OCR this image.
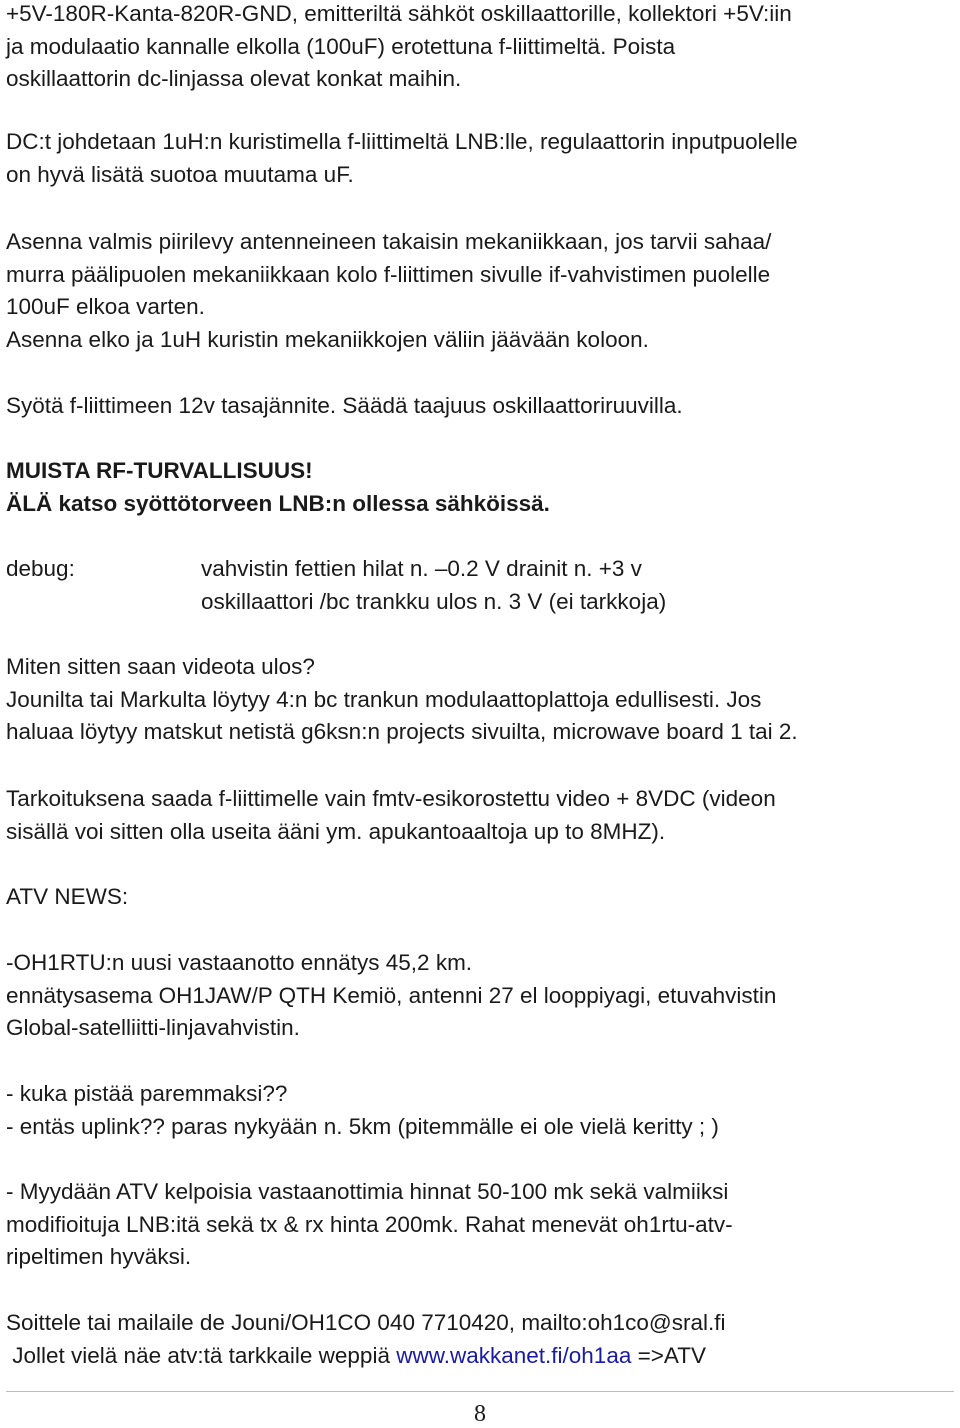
+5V-180R-Kanta-820R-GND, emitteriltä sähköt oskillaattorille, kollektori +5V:iin
ja modulaatio kannalle elkolla (100uF) erotettuna f-liittimeltä. Poista
oskillaattorin dc-linjassa olevat konkat maihin.
DC:t johdetaan 1uH:n kuristimella f-liittimeltä LNB:lle, regulaattorin inputpuolelle
on hyvä lisätä suotoa muutama uF.
Asenna valmis piirilevy antenneineen takaisin mekaniikkaan, jos tarvii sahaa/
murra päälipuolen mekaniikkaan kolo f-liittimen sivulle if-vahvistimen puolelle
100uF elkoa varten.
Asenna elko ja 1uH kuristin mekaniikkojen väliin jäävään koloon.
Syötä f-liittimeen 12v tasajännite. Säädä taajuus oskillaattoriruuvilla.
MUISTA RF-TURVALLISUUS!
ÄLÄ katso syöttötorveen LNB:n ollessa sähköissä.
debug:	vahvistin fettien hilat n. –0.2 V drainit n. +3 v
oskillaattori /bc trankku ulos n. 3 V (ei tarkkoja)
Miten sitten saan videota ulos?
Jounilta tai Markulta löytyy 4:n bc trankun modulaattoplattoja edullisesti. Jos
haluaa löytyy matskut netistä g6ksn:n projects sivuilta, microwave board 1 tai 2.
Tarkoituksena saada f-liittimelle vain fmtv-esikorostettu video + 8VDC (videon
sisällä voi sitten olla useita ääni ym. apukantoaaltoja up to 8MHZ).
ATV NEWS:
-OH1RTU:n uusi vastaanotto ennätys 45,2 km.
ennätysasema OH1JAW/P QTH Kemiö, antenni 27 el looppiyagi, etuvahvistin
Global-satelliitti-linjavahvistin.
- kuka pistää paremmaksi??
- entäs uplink?? paras nykyään n. 5km (pitemmälle ei ole vielä keritty ; )
- Myydään ATV kelpoisia vastaanottimia hinnat 50-100 mk sekä valmiiksi
modifioituja LNB:itä sekä tx & rx hinta 200mk. Rahat menevät oh1rtu-atv-
ripeltimen hyväksi.
Soittele tai mailaile de Jouni/OH1CO 040 7710420, mailto:oh1co@sral.fi
Jollet vielä näe atv:tä tarkkaile weppiä www.wakkanet.fi/oh1aa =>ATV
8
